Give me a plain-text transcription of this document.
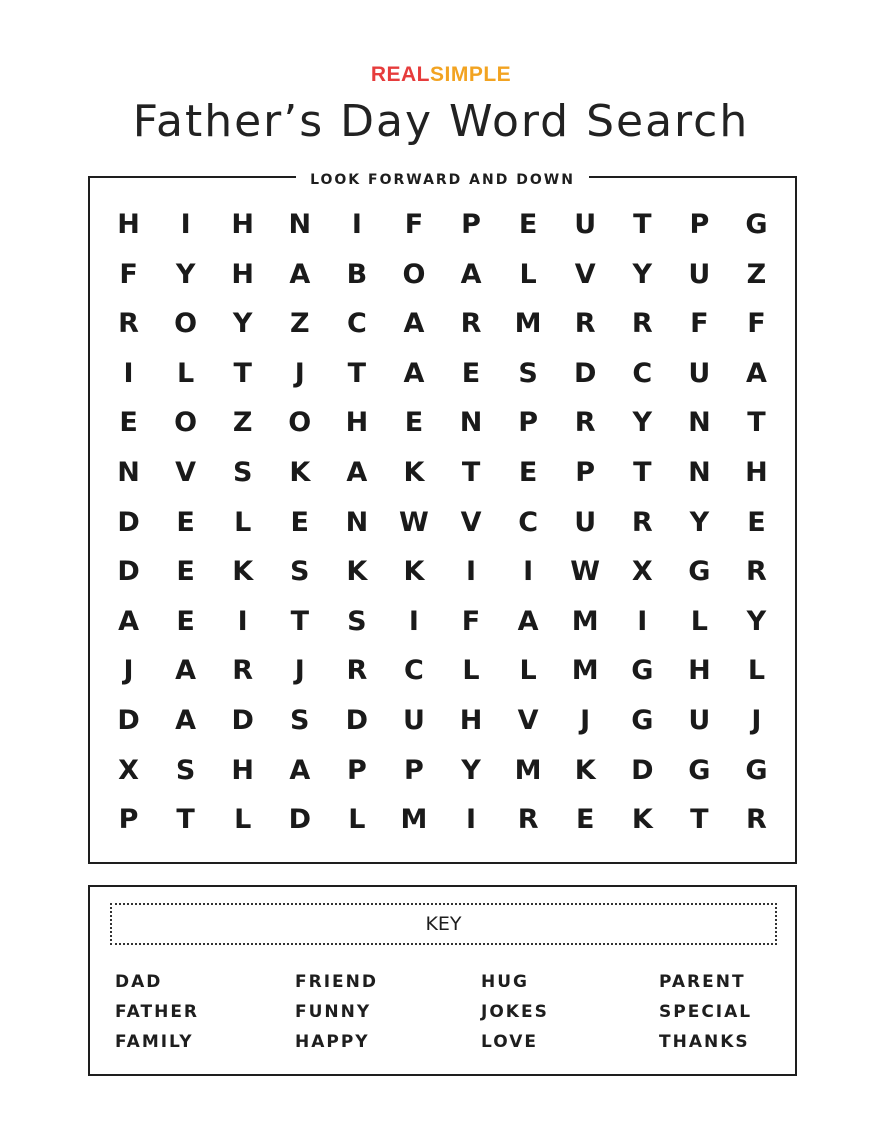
REALSIMPLE
Father’s Day Word Search
LOOK FORWARD AND DOWN
H	I	H	N	I	F	P	E	U	T	P	G
F	Y	H	A	B	O	A	L	V	Y	U	Z
R	O	Y	Z	C	A	R	M	R	R	F	F
I	L	T	J	T	A	E	S	D	C	U	A
E	O	Z	O	H	E	N	P	R	Y	N	T
N	V	S	K	A	K	T	E	P	T	N	H
D	E	L	E	N	W	V	C	U	R	Y	E
D	E	K	S	K	K	I	I	W	X	G	R
A	E	I	T	S	I	F	A	M	I	L	Y
J	A	R	J	R	C	L	L	M	G	H	L
D	A	D	S	D	U	H	V	J	G	U	J
X	S	H	A	P	P	Y	M	K	D	G	G
P	T	L	D	L	M	I	R	E	K	T	R
KEY
DAD	FRIEND	HUG	PARENT
FATHER	FUNNY	JOKES	SPECIAL
FAMILY	HAPPY	LOVE	THANKS
